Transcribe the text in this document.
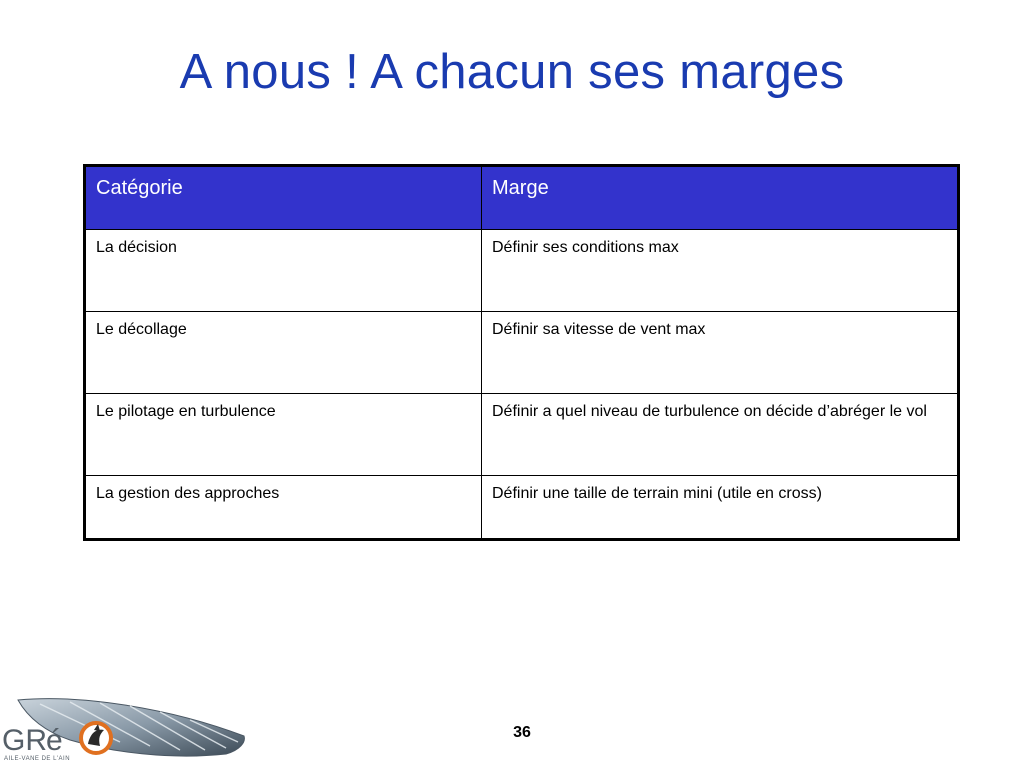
A nous ! A chacun ses marges
Catégorie	Marge
La décision	Définir ses conditions max
Le décollage	Définir sa vitesse de vent max
Le pilotage en turbulence	Définir a quel niveau de turbulence on décide d’abréger le vol
La gestion des approches	Définir une taille de terrain mini (utile en cross)
36
GR é
AILE-VANE DE L'AIN
